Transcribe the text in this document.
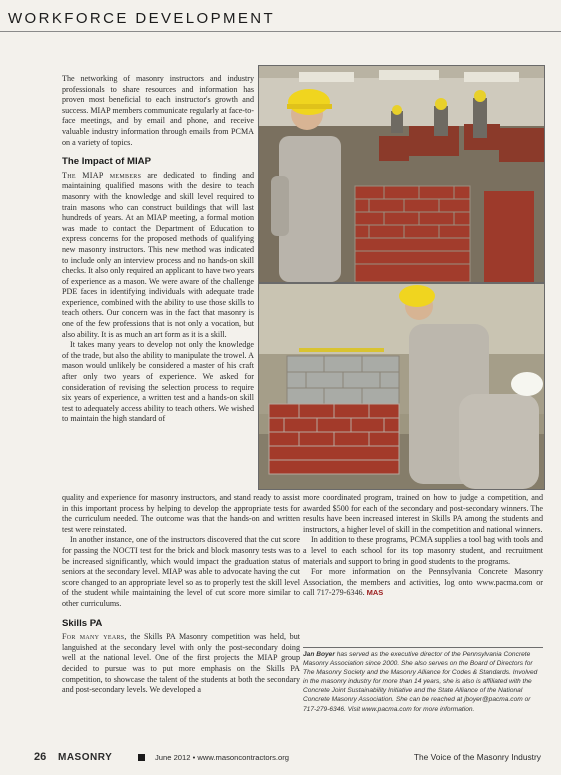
WORKFORCE DEVELOPMENT

The networking of masonry instructors and industry professionals to share resources and information has proven most beneficial to each instructor's growth and success. MIAP members communicate regularly at face-to-face meetings, and by email and phone, and receive valuable industry information through emails from PCMA on a variety of topics.

The Impact of MIAP

The MIAP members are dedicated to finding and maintaining qualified masons with the desire to teach masonry with the knowledge and skill level required to train masons who can construct buildings that will last hundreds of years. At an MIAP meeting, a formal motion was made to contact the Department of Education to express concerns for the proposed methods of qualifying new masonry instructors. This new method was indicated to include only an interview process and no hands-on skill checks. It also only required an applicant to have two years of experience as a mason. We were aware of the challenge PDE faces in identifying individuals with adequate trade experience, combined with the ability to use those skills to teach others. Our concern was in the fact that masonry is one of the few professions that is not only a vocation, but also ability. It is as much an art form as it is a skill.

It takes many years to develop not only the knowledge of the trade, but also the ability to manipulate the trowel. A mason would unlikely be considered a master of his craft after only two years of experience. We asked for consideration of revising the selection process to require six years of experience, a written test and a hands-on skill test to adequately access ability to teach others. We wished to maintain the high standard of

quality and experience for masonry instructors, and stand ready to assist in this important process by helping to develop the appropriate tests for the curriculum needed. The outcome was that the hands-on and written test were reinstated.

In another instance, one of the instructors discovered that the cut score for passing the NOCTI test for the brick and block masonry tests was to be increased significantly, which would impact the graduation status of seniors at the secondary level. MIAP was able to advocate having the cut score changed to an appropriate level so as to properly test the skill level of the student while maintaining the level of cut score more similar to other curriculums.

Skills PA

For many years, the Skills PA Masonry competition was held, but languished at the secondary level with only the post-secondary doing well at the national level. One of the first projects the MIAP group decided to pursue was to put more emphasis on the Skills PA competition, to showcase the talent of the students at both the secondary and post-secondary levels. We developed a

more coordinated program, trained on how to judge a competition, and awarded $500 for each of the secondary and post-secondary winners. The results have been increased interest in Skills PA among the students and instructors, a higher level of skill in the competition and national winners.

In addition to these programs, PCMA supplies a tool bag with tools and a level to each school for its top masonry student, and recruitment materials and support to bring in good students to the programs.

For more information on the Pennsylvania Concrete Masonry Association, the members and activities, log onto www.pacma.com or call 717-279-6346. MAS

Jan Boyer has served as the executive director of the Pennsylvania Concrete Masonry Association since 2000. She also serves on the Board of Directors for The Masonry Society and the Masonry Alliance for Codes & Standards. Involved in the masonry industry for more than 14 years, she is also is affiliated with the Concrete Joint Sustainability Initiative and the State Alliance of the National Concrete Masonry Association. She can be reached at jboyer@pacma.com or 717-279-6346. Visit www.pacma.com for more information.
26 MASONRY	June 2012 • www.masoncontractors.org	The Voice of the Masonry Industry
